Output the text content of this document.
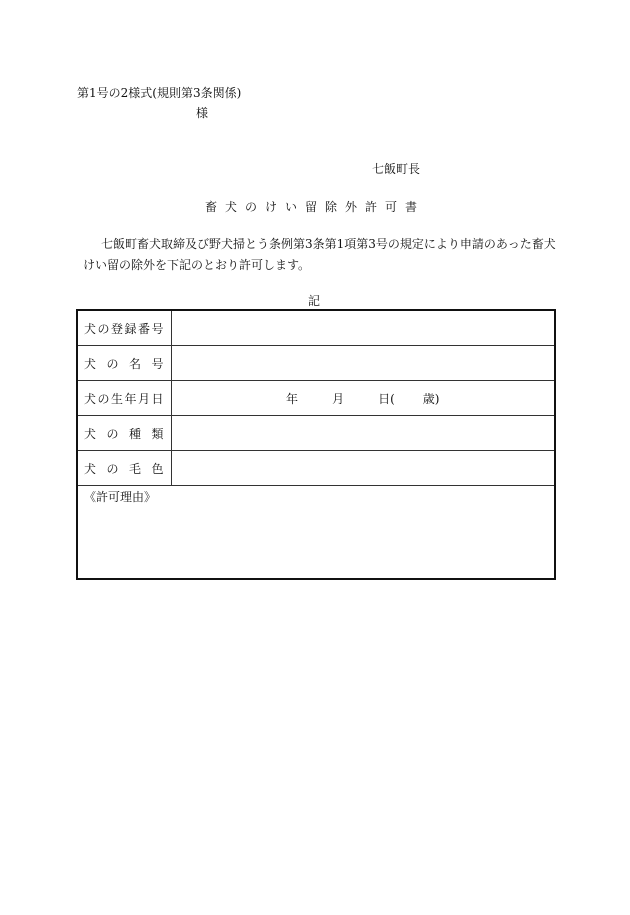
第1号の2様式(規則第3条関係)
様
七飯町長
畜犬のけい留除外許可書

七飯町畜犬取締及び野犬掃とう条例第3条第1項第3号の規定により申請のあった畜犬

けい留の除外を下記のとおり許可します。

記
犬の登録番号	
犬の名号	
犬の生年月日	年 月 日( 歳)

犬の種類	
犬の毛色	
《許可理由》	
